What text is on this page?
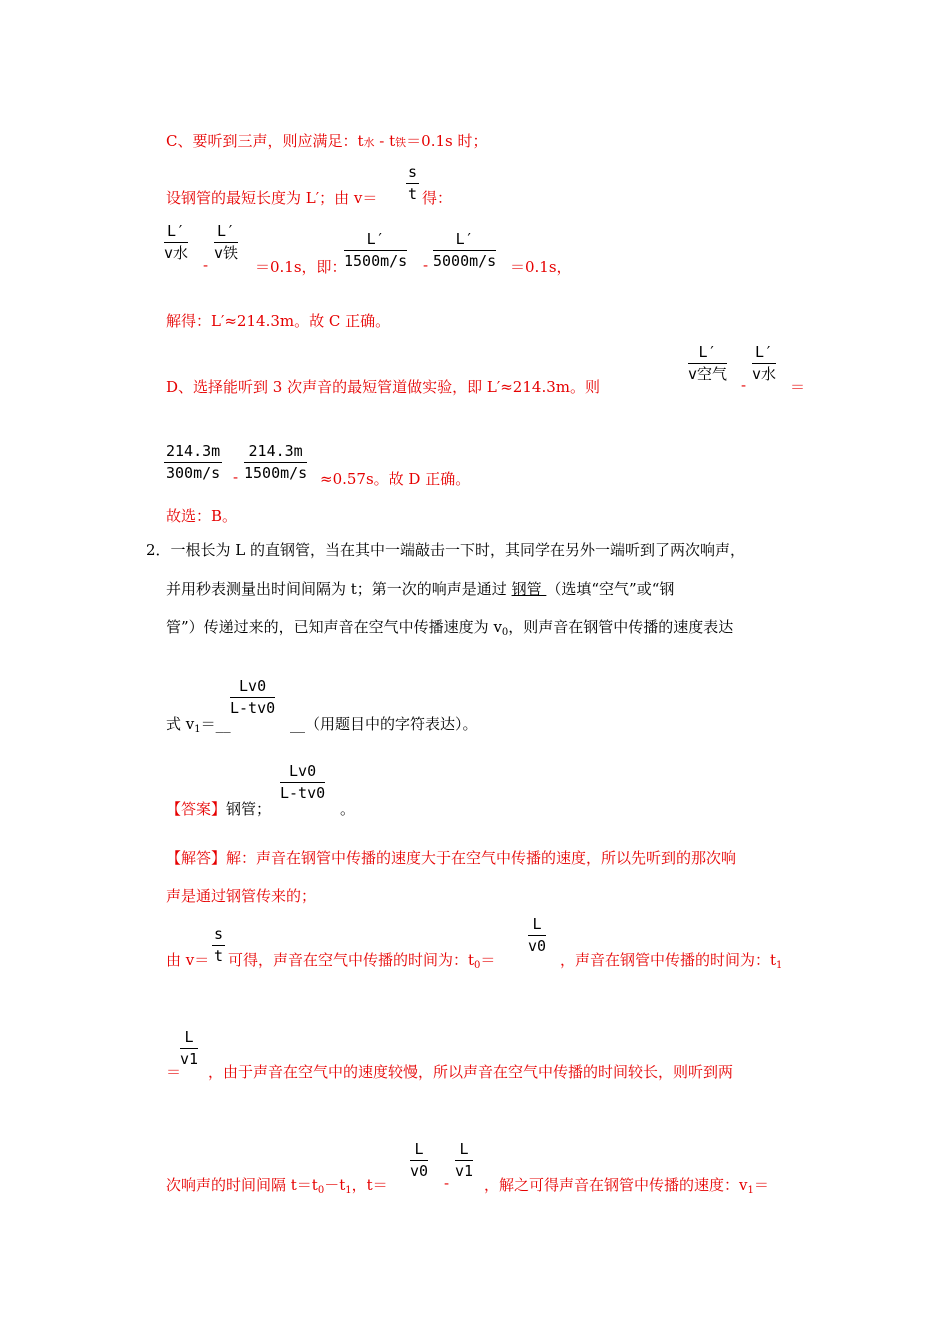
C、要听到三声，则应满足：t水 - t铁＝0.1s 时；
设钢管的最短长度为 L′；由 $v= \frac{s}{t}$ 得：
L′
v水
-
L′
v铁
＝0.1s，即：
$\frac{L'}{1500m/s} - \frac{L'}{5000m/s} =0.1s$，
解得：L′≈214.3m。故 C 正确。
D、选择能听到 3 次声音的最短管道做实验，即 L′≈214.3m。则
L′
v空气
-
L′
v水
＝
$\frac{214.3m}{300m/s} - \frac{214.3m}{1500m/s} \approx 0.57s$。故 D 正确。
故选：B。
2．一根长为 L 的直钢管，当在其中一端敲击一下时，其同学在另外一端听到了两次响声，
并用秒表测量出时间间隔为 t；第一次的响声是通过 钢管 （选填“空气”或“钢
管”）传递过来的，已知声音在空气中传播速度为 $v_0$，则声音在钢管中传播的速度表达
式 $v_1=\_\_$
$\frac{Lv0}{L-tv0}$
__（用题目中的字符表达）。
【答案】钢管；
$\frac{Lv0}{L-tv0}$
。
【解答】解：声音在钢管中传播的速度大于在空气中传播的速度，所以先听到的那次响
声是通过钢管传来的；
由 $v= \frac{s}{t}$ 可得，声音在空气中传播的时间为：$t_0=$
$\frac{L}{v0}$
，声音在钢管中传播的时间为：$t_1$
$\frac{L}{v1}$
＝ ，由于声音在空气中的速度较慢，所以声音在空气中传播的时间较长，则听到两
次响声的时间间隔 $t=t_0-t_1$，t＝
$\frac{L}{v0}$
-
$\frac{L}{v1}$
，解之可得声音在钢管中传播的速度：$v_1=$
